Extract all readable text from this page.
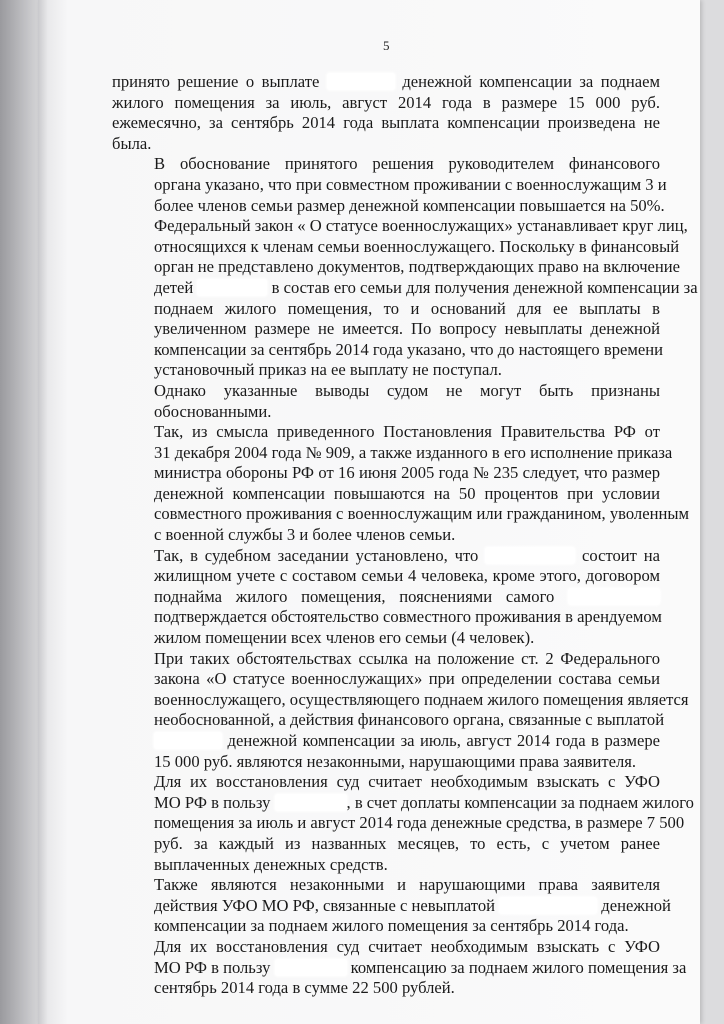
5
принято решение о выплате	денежной компенсации за поднаем
жилого помещения за июль, август 2014 года в размере 15 000 руб.
ежемесячно, за сентябрь 2014 года выплата компенсации произведена не
была.
В обоснование принятого решения руководителем финансового
органа указано, что при совместном проживании с военнослужащим 3 и
более членов семьи размер денежной компенсации повышается на 50%.
Федеральный закон « О статусе военнослужащих» устанавливает круг лиц,
относящихся к членам семьи военнослужащего. Поскольку в финансовый
орган не представлено документов, подтверждающих право на включение
детей	в состав его семьи для получения денежной компенсации за
поднаем жилого помещения, то и оснований для ее выплаты в
увеличенном размере не имеется. По вопросу невыплаты денежной
компенсации за сентябрь 2014 года указано, что до настоящего времени
установочный приказ на ее выплату не поступал.
Однако указанные выводы судом не могут быть признаны
обоснованными.
Так, из смысла приведенного Постановления Правительства РФ от
31 декабря 2004 года № 909, а также изданного в его исполнение приказа
министра обороны РФ от 16 июня 2005 года № 235 следует, что размер
денежной компенсации повышаются на 50 процентов при условии
совместного проживания с военнослужащим или гражданином, уволенным
с военной службы 3 и более членов семьи.
Так, в судебном заседании установлено, что	состоит на
жилищном учете с составом семьи 4 человека, кроме этого, договором
поднайма жилого помещения, пояснениями самого
подтверждается обстоятельство совместного проживания в арендуемом
жилом помещении всех членов его семьи (4 человек).
При таких обстоятельствах ссылка на положение ст. 2 Федерального
закона «О статусе военнослужащих» при определении состава семьи
военнослужащего, осуществляющего поднаем жилого помещения является
необоснованной, а действия финансового органа, связанные с выплатой
денежной компенсации за июль, август 2014 года в размере
15 000 руб. являются незаконными, нарушающими права заявителя.
Для их восстановления суд считает необходимым взыскать с УФО
МО РФ в пользу	, в счет доплаты компенсации за поднаем жилого
помещения за июль и август 2014 года денежные средства, в размере 7 500
руб. за каждый из названных месяцев, то есть, с учетом ранее
выплаченных денежных средств.
Также являются незаконными и нарушающими права заявителя
действия УФО МО РФ, связанные с невыплатой	денежной
компенсации за поднаем жилого помещения за сентябрь 2014 года.
Для их восстановления суд считает необходимым взыскать с УФО
МО РФ в пользу	компенсацию за поднаем жилого помещения за
сентябрь 2014 года в сумме 22 500 рублей.
